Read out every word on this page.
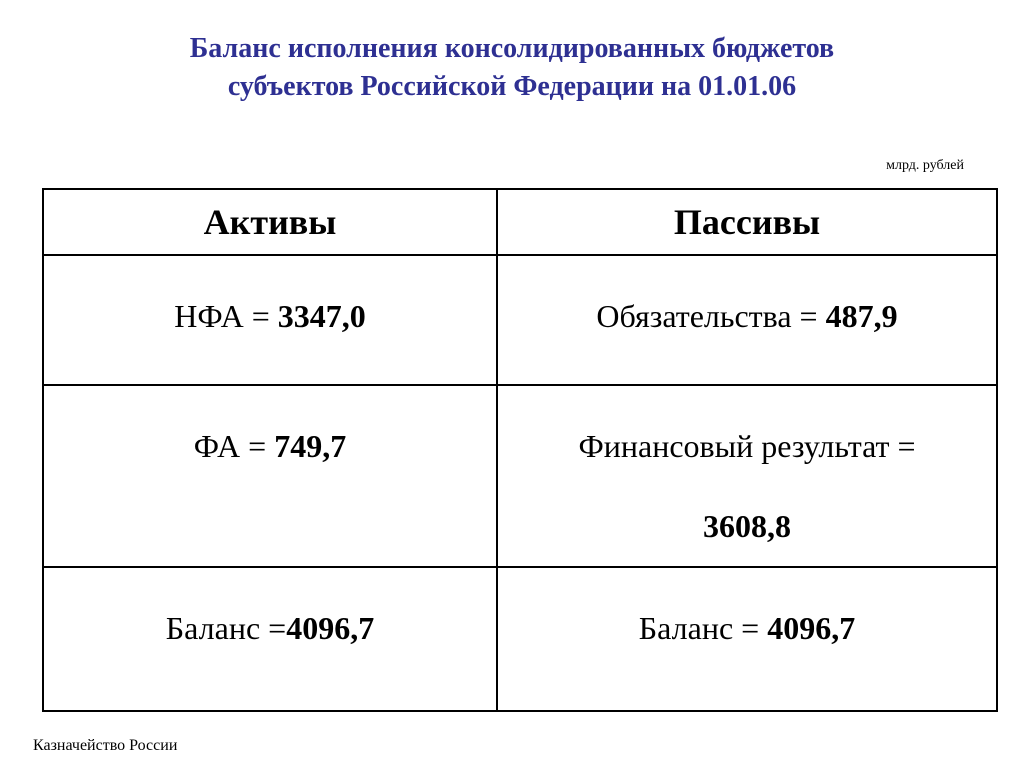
Баланс исполнения консолидированных бюджетов
субъектов Российской Федерации на 01.01.06
млрд. рублей
Активы	Пассивы

НФА = 3347,0	Обязательства = 487,9

ФА = 749,7	Финансовый результат =
3608,8

Баланс =4096,7	Баланс = 4096,7
Казначейство России
